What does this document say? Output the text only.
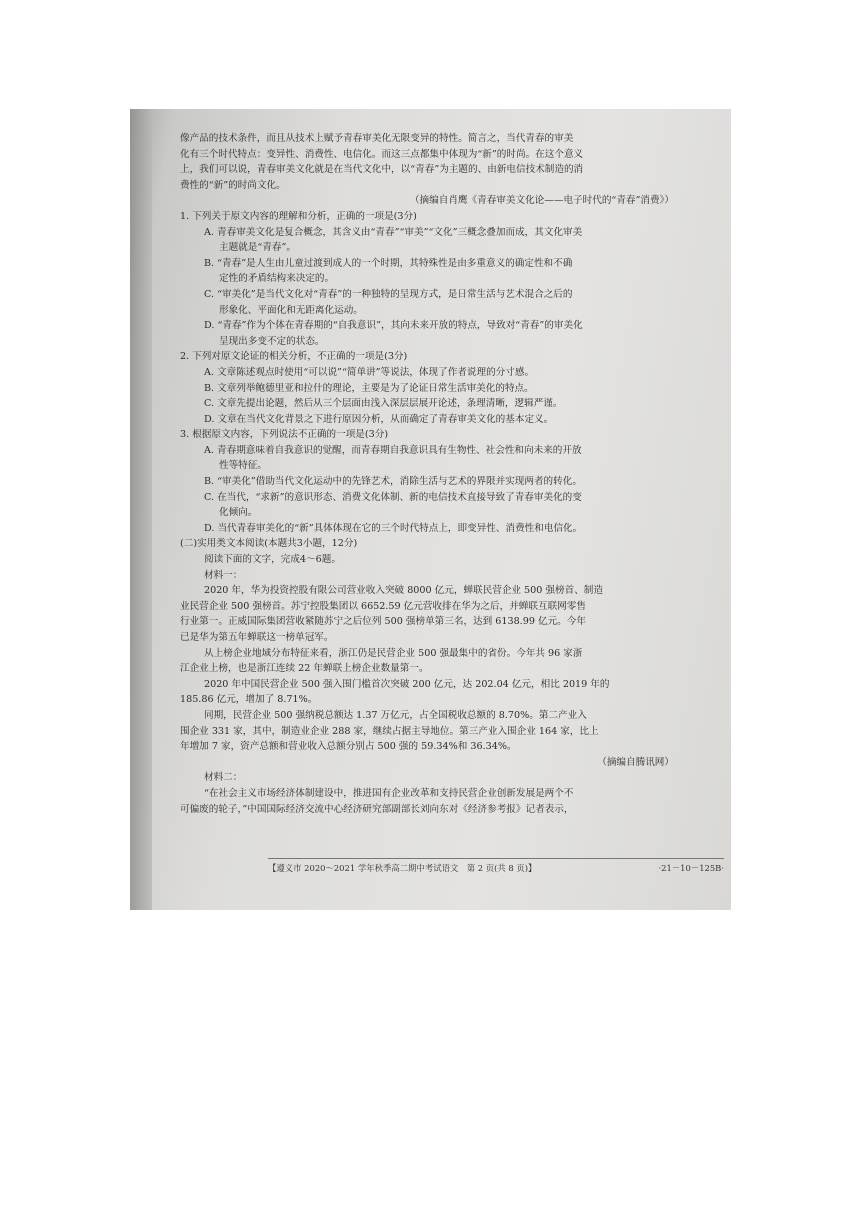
像产品的技术条件，而且从技术上赋予青春审美化无限变异的特性。简言之，当代青春的审美
化有三个时代特点：变异性、消费性、电信化。而这三点都集中体现为“新”的时尚。在这个意义
上，我们可以说，青春审美文化就是在当代文化中，以“青春”为主题的、由新电信技术制造的消
费性的“新”的时尚文化。
（摘编自肖鹰《青春审美文化论——电子时代的“青春”消费》）
1. 下列关于原文内容的理解和分析，正确的一项是(3分)
A. 青春审美文化是复合概念，其含义由“青春”“审美”“文化”三概念叠加而成，其文化审美
主题就是“青春”。
B. “青春”是人生由儿童过渡到成人的一个时期，其特殊性是由多重意义的确定性和不确
定性的矛盾结构来决定的。
C. “审美化”是当代文化对“青春”的一种独特的呈现方式，是日常生活与艺术混合之后的
形象化、平面化和无距离化运动。
D. “青春”作为个体在青春期的“自我意识”，其向未来开放的特点，导致对“青春”的审美化
呈现出多变不定的状态。
2. 下列对原文论证的相关分析，不正确的一项是(3分)
A. 文章陈述观点时使用“可以说”“简单讲”等说法，体现了作者说理的分寸感。
B. 文章列举鲍德里亚和拉什的理论，主要是为了论证日常生活审美化的特点。
C. 文章先提出论题，然后从三个层面由浅入深层层展开论述，条理清晰，逻辑严谨。
D. 文章在当代文化背景之下进行原因分析，从而确定了青春审美文化的基本定义。
3. 根据原文内容，下列说法不正确的一项是(3分)
A. 青春期意味着自我意识的觉醒，而青春期自我意识具有生物性、社会性和向未来的开放
性等特征。
B. “审美化”借助当代文化运动中的先锋艺术，消除生活与艺术的界限并实现两者的转化。
C. 在当代，“求新”的意识形态、消费文化体制、新的电信技术直接导致了青春审美化的变
化倾向。
D. 当代青春审美化的“新”具体体现在它的三个时代特点上，即变异性、消费性和电信化。
(二)实用类文本阅读(本题共3小题，12分)
阅读下面的文字，完成4～6题。
材料一：
2020 年，华为投资控股有限公司营业收入突破 8000 亿元，蝉联民营企业 500 强榜首、制造
业民营企业 500 强榜首。苏宁控股集团以 6652.59 亿元营收排在华为之后，并蝉联互联网零售
行业第一。正威国际集团营收紧随苏宁之后位列 500 强榜单第三名，达到 6138.99 亿元。今年
已是华为第五年蝉联这一榜单冠军。
从上榜企业地域分布特征来看，浙江仍是民营企业 500 强最集中的省份。今年共 96 家浙
江企业上榜，也是浙江连续 22 年蝉联上榜企业数量第一。
2020 年中国民营企业 500 强入围门槛首次突破 200 亿元，达 202.04 亿元，相比 2019 年的
185.86 亿元，增加了 8.71%。
同期，民营企业 500 强纳税总额达 1.37 万亿元，占全国税收总额的 8.70%。第二产业入
围企业 331 家，其中，制造业企业 288 家，继续占据主导地位。第三产业入围企业 164 家，比上
年增加 7 家，资产总额和营业收入总额分别占 500 强的 59.34%和 36.34%。
（摘编自腾讯网）
材料二：
“在社会主义市场经济体制建设中，推进国有企业改革和支持民营企业创新发展是两个不
可偏废的轮子，”中国国际经济交流中心经济研究部副部长刘向东对《经济参考报》记者表示，
【遵义市 2020～2021 学年秋季高二期中考试语文　第 2 页(共 8 页)】	·21－10－125B·
